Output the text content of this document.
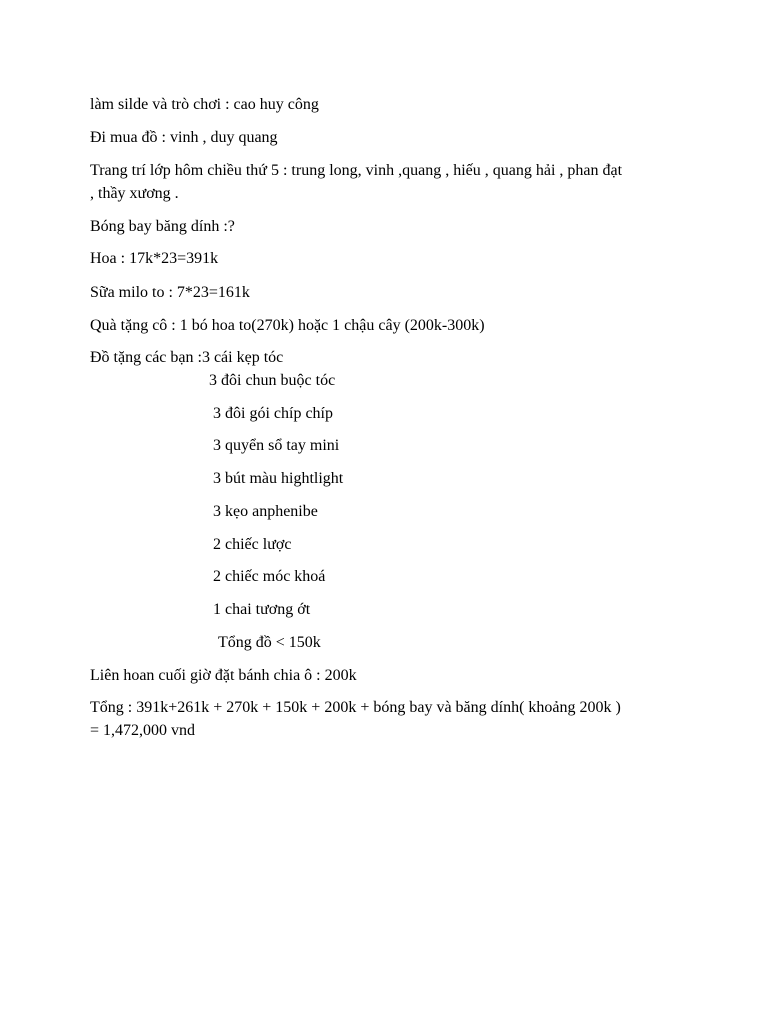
làm silde và trò chơi : cao huy công
Đi mua đồ : vinh , duy quang
Trang trí lớp hôm chiều thứ 5 : trung long, vinh ,quang , hiếu , quang hải , phan đạt
, thầy xương .
Bóng bay băng dính :?
Hoa : 17k*23=391k
Sữa milo to : 7*23=161k
Quà tặng cô : 1 bó hoa to(270k) hoặc 1 chậu cây (200k-300k)
Đồ tặng các bạn :3 cái kẹp tóc
3 đôi chun buộc tóc
3 đôi gói chíp chíp
3 quyển sổ tay mini
3 bút màu hightlight
3 kẹo anphenibe
2 chiếc lược
2 chiếc móc khoá
1 chai tương ớt
Tổng đồ < 150k
Liên hoan cuối giờ đặt bánh chia ô : 200k
Tổng : 391k+261k + 270k + 150k + 200k + bóng bay và băng dính( khoảng 200k )
= 1,472,000 vnd
